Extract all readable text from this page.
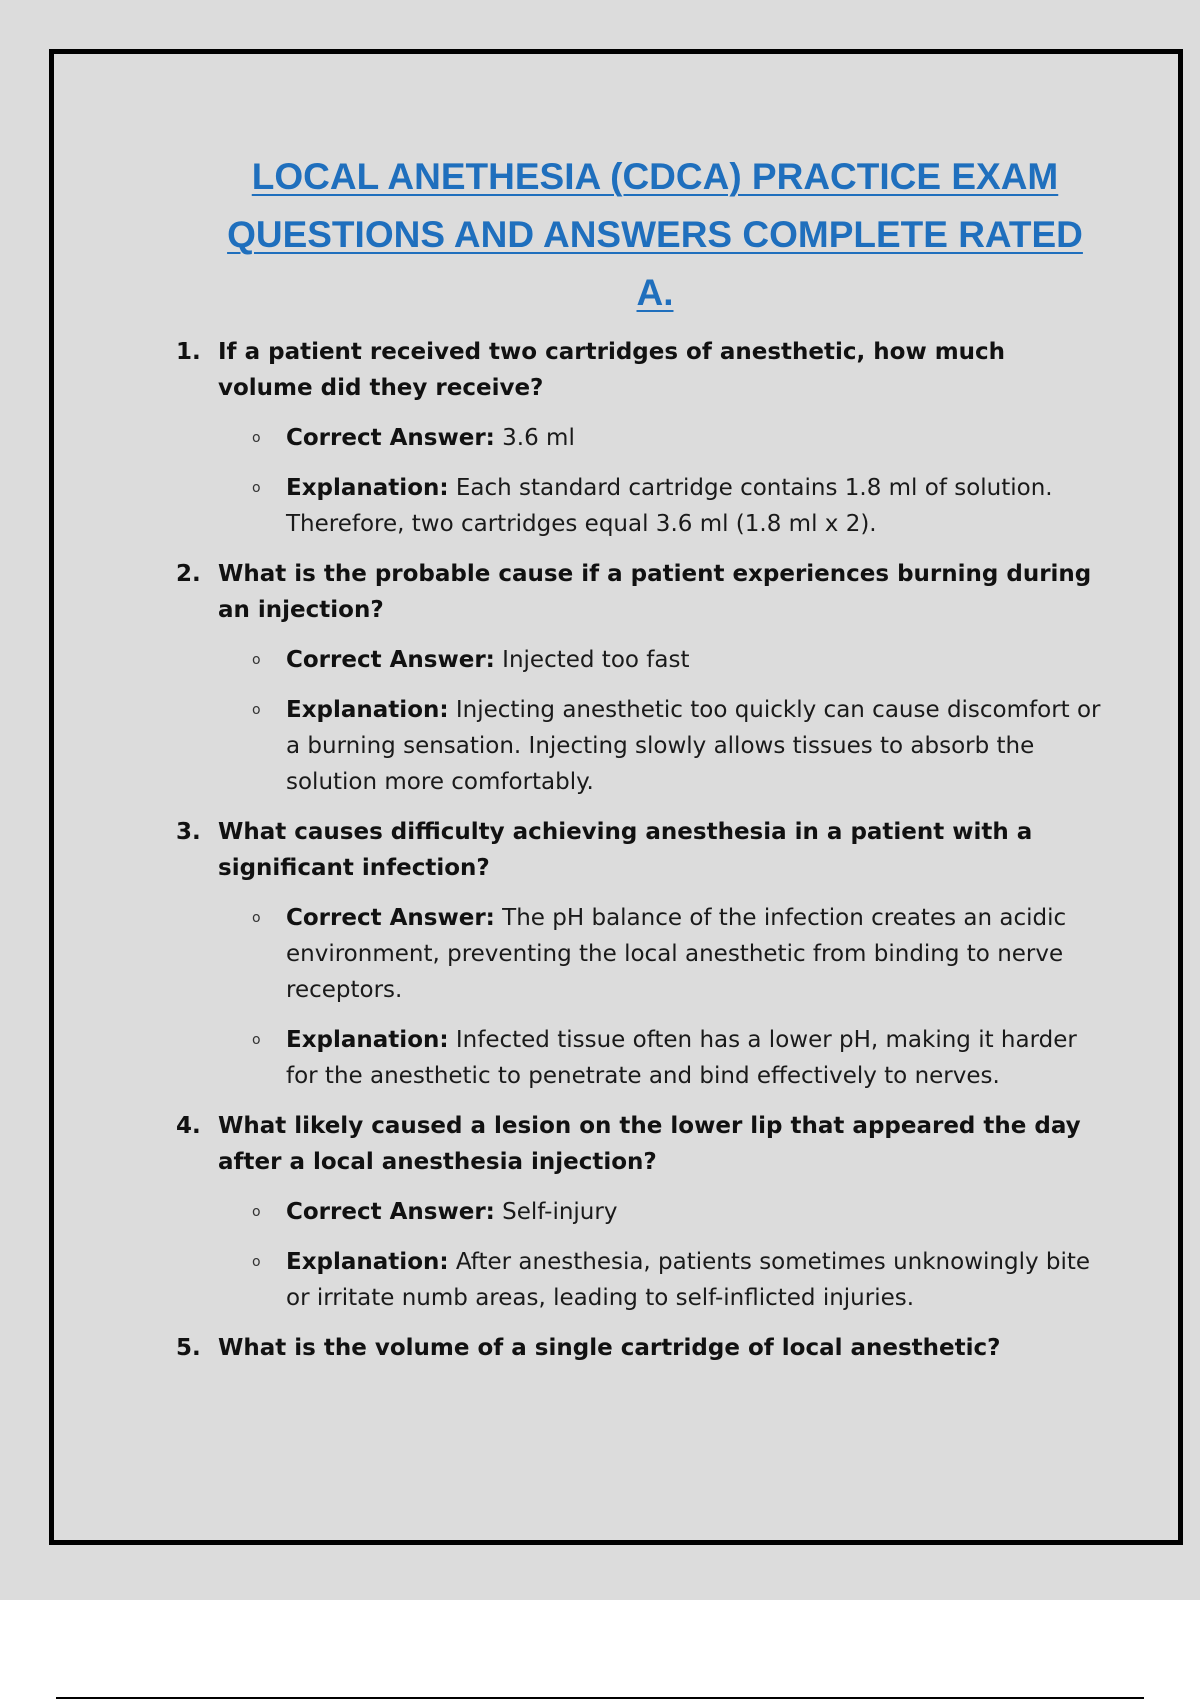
LOCAL ANETHESIA (CDCA) PRACTICE EXAM
QUESTIONS AND ANSWERS COMPLETE RATED
A.
1. If a patient received two cartridges of anesthetic, how much volume did they receive?
o	Correct Answer: 3.6 ml
o	Explanation: Each standard cartridge contains 1.8 ml of solution. Therefore, two cartridges equal 3.6 ml (1.8 ml x 2).
2. What is the probable cause if a patient experiences burning during an injection?
o	Correct Answer: Injected too fast
o	Explanation: Injecting anesthetic too quickly can cause discomfort or a burning sensation. Injecting slowly allows tissues to absorb the solution more comfortably.
3. What causes difficulty achieving anesthesia in a patient with a significant infection?
o	Correct Answer: The pH balance of the infection creates an acidic environment, preventing the local anesthetic from binding to nerve receptors.
o	Explanation: Infected tissue often has a lower pH, making it harder for the anesthetic to penetrate and bind effectively to nerves.
4. What likely caused a lesion on the lower lip that appeared the day after a local anesthesia injection?
o	Correct Answer: Self-injury
o	Explanation: After anesthesia, patients sometimes unknowingly bite or irritate numb areas, leading to self-inflicted injuries.
5. What is the volume of a single cartridge of local anesthetic?
